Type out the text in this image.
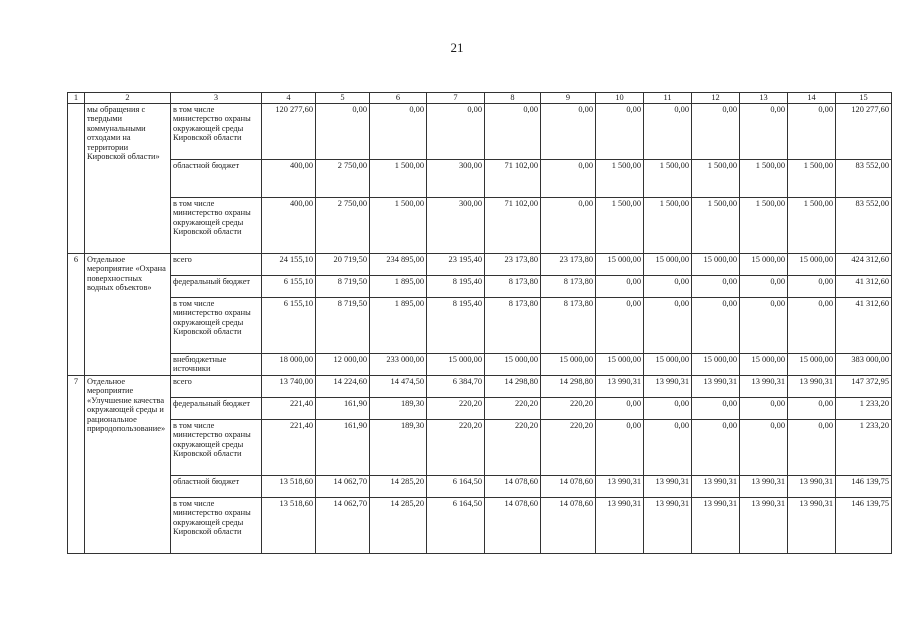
21
1	2	3	4	5	6	7	8	9	10	11	12	13	14	15
	мы обращения с твердыми коммунальными отходами на территории Кировской области»	в том числе министерство охраны окружающей среды Кировской области	120 277,60	0,00	0,00	0,00	0,00	0,00	0,00	0,00	0,00	0,00	0,00	120 277,60
		областной бюджет	400,00	2 750,00	1 500,00	300,00	71 102,00	0,00	1 500,00	1 500,00	1 500,00	1 500,00	1 500,00	83 552,00
		в том числе министерство охраны окружающей среды Кировской области	400,00	2 750,00	1 500,00	300,00	71 102,00	0,00	1 500,00	1 500,00	1 500,00	1 500,00	1 500,00	83 552,00
6	Отдельное мероприятие «Охрана поверхностных водных объектов»	всего	24 155,10	20 719,50	234 895,00	23 195,40	23 173,80	23 173,80	15 000,00	15 000,00	15 000,00	15 000,00	15 000,00	424 312,60
		федеральный бюджет	6 155,10	8 719,50	1 895,00	8 195,40	8 173,80	8 173,80	0,00	0,00	0,00	0,00	0,00	41 312,60
		в том числе министерство охраны окружающей среды Кировской области	6 155,10	8 719,50	1 895,00	8 195,40	8 173,80	8 173,80	0,00	0,00	0,00	0,00	0,00	41 312,60
		внебюджетные источники	18 000,00	12 000,00	233 000,00	15 000,00	15 000,00	15 000,00	15 000,00	15 000,00	15 000,00	15 000,00	15 000,00	383 000,00
7	Отдельное мероприятие «Улучшение качества окружающей среды и рациональное природопользование»	всего	13 740,00	14 224,60	14 474,50	6 384,70	14 298,80	14 298,80	13 990,31	13 990,31	13 990,31	13 990,31	13 990,31	147 372,95
		федеральный бюджет	221,40	161,90	189,30	220,20	220,20	220,20	0,00	0,00	0,00	0,00	0,00	1 233,20
		в том числе министерство охраны окружающей среды Кировской области	221,40	161,90	189,30	220,20	220,20	220,20	0,00	0,00	0,00	0,00	0,00	1 233,20
		областной бюджет	13 518,60	14 062,70	14 285,20	6 164,50	14 078,60	14 078,60	13 990,31	13 990,31	13 990,31	13 990,31	13 990,31	146 139,75
		в том числе министерство охраны окружающей среды Кировской области	13 518,60	14 062,70	14 285,20	6 164,50	14 078,60	14 078,60	13 990,31	13 990,31	13 990,31	13 990,31	13 990,31	146 139,75
